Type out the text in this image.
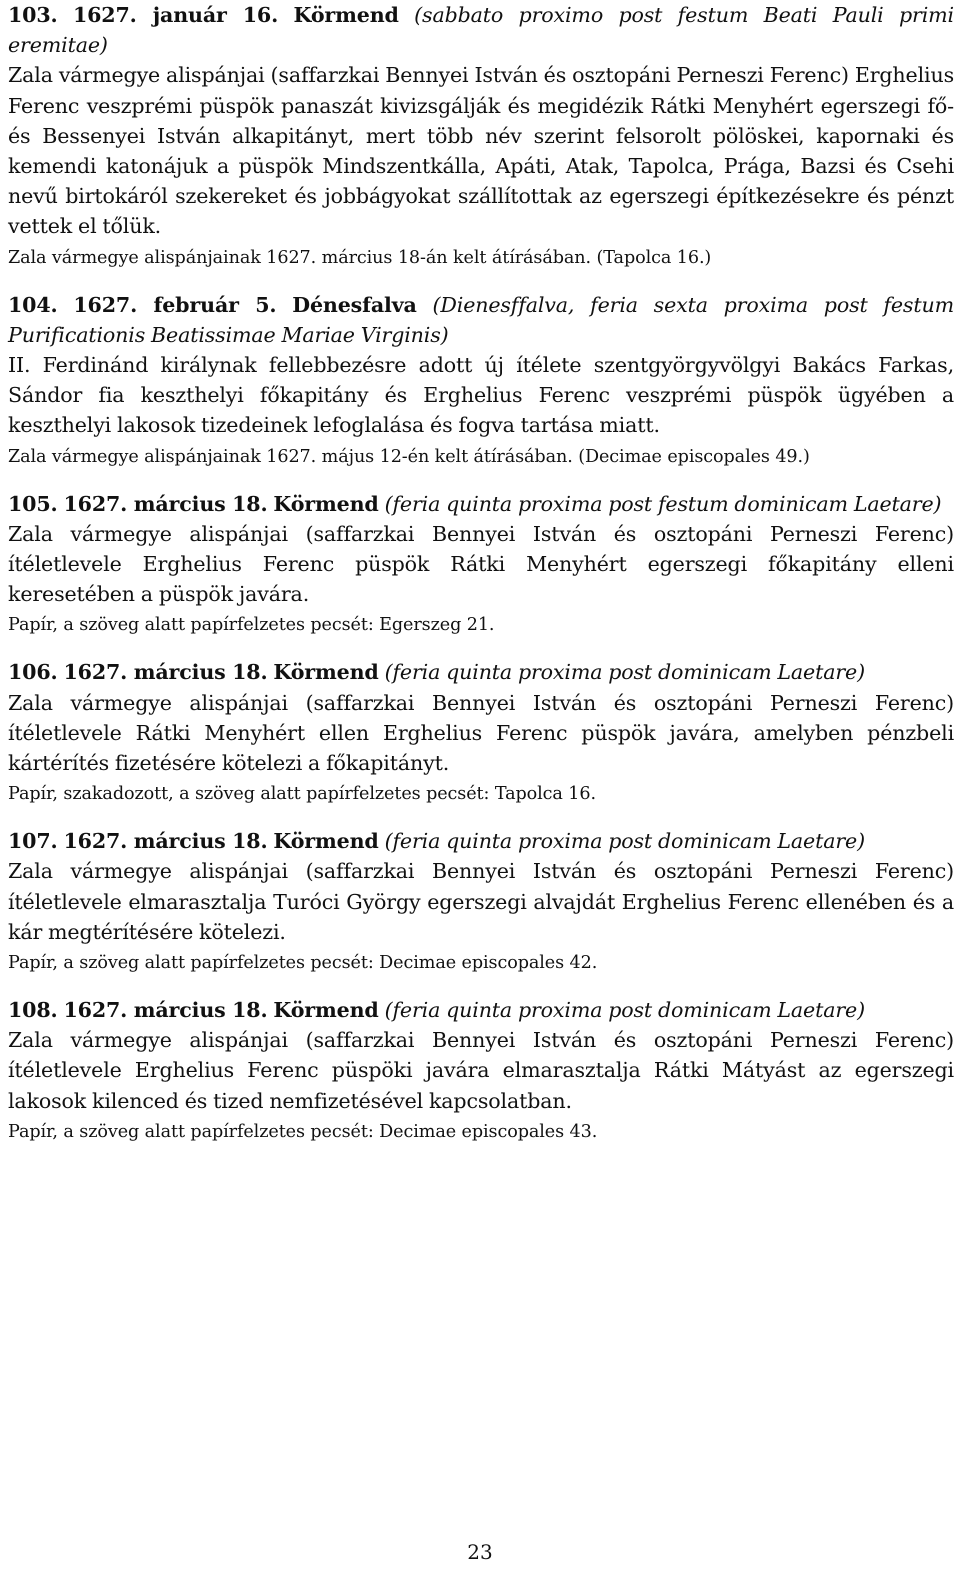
103. 1627. január 16. Körmend (sabbato proximo post festum Beati Pauli primi eremitae)
Zala vármegye alispánjai (saffarzkai Bennyei István és osztopáni Perneszi Ferenc) Erghelius Ferenc veszprémi püspök panaszát kivizsgálják és megidézik Rátki Menyhért egerszegi fő- és Bessenyei István alkapitányt, mert több név szerint felsorolt pölöskei, kapornaki és kemendi katonájuk a püspök Mindszentkálla, Apáti, Atak, Tapolca, Prága, Bazsi és Csehi nevű birtokáról szekereket és jobbágyokat szállítottak az egerszegi építkezésekre és pénzt vettek el tőlük.

Zala vármegye alispánjainak 1627. március 18-án kelt átírásában. (Tapolca 16.)

104. 1627. február 5. Dénesfalva (Dienesffalva, feria sexta proxima post festum Purificationis Beatissimae Mariae Virginis)
II. Ferdinánd királynak fellebbezésre adott új ítélete szentgyörgyvölgyi Bakács Farkas, Sándor fia keszthelyi főkapitány és Erghelius Ferenc veszprémi püspök ügyében a keszthelyi lakosok tizedeinek lefoglalása és fogva tartása miatt.

Zala vármegye alispánjainak 1627. május 12-én kelt átírásában. (Decimae episcopales 49.)

105. 1627. március 18. Körmend (feria quinta proxima post festum dominicam Laetare)
Zala vármegye alispánjai (saffarzkai Bennyei István és osztopáni Perneszi Ferenc) ítéletlevele Erghelius Ferenc püspök Rátki Menyhért egerszegi főkapitány elleni keresetében a püspök javára.

Papír, a szöveg alatt papírfelzetes pecsét: Egerszeg 21.

106. 1627. március 18. Körmend (feria quinta proxima post dominicam Laetare)
Zala vármegye alispánjai (saffarzkai Bennyei István és osztopáni Perneszi Ferenc) ítéletlevele Rátki Menyhért ellen Erghelius Ferenc püspök javára, amelyben pénzbeli kártérítés fizetésére kötelezi a főkapitányt.

Papír, szakadozott, a szöveg alatt papírfelzetes pecsét: Tapolca 16.

107. 1627. március 18. Körmend (feria quinta proxima post dominicam Laetare)
Zala vármegye alispánjai (saffarzkai Bennyei István és osztopáni Perneszi Ferenc) ítéletlevele elmarasztalja Turóci György egerszegi alvajdát Erghelius Ferenc ellenében és a kár megtérítésére kötelezi.

Papír, a szöveg alatt papírfelzetes pecsét: Decimae episcopales 42.

108. 1627. március 18. Körmend (feria quinta proxima post dominicam Laetare)
Zala vármegye alispánjai (saffarzkai Bennyei István és osztopáni Perneszi Ferenc) ítéletlevele Erghelius Ferenc püspöki javára elmarasztalja Rátki Mátyást az egerszegi lakosok kilenced és tized nemfizetésével kapcsolatban.

Papír, a szöveg alatt papírfelzetes pecsét: Decimae episcopales 43.

23
